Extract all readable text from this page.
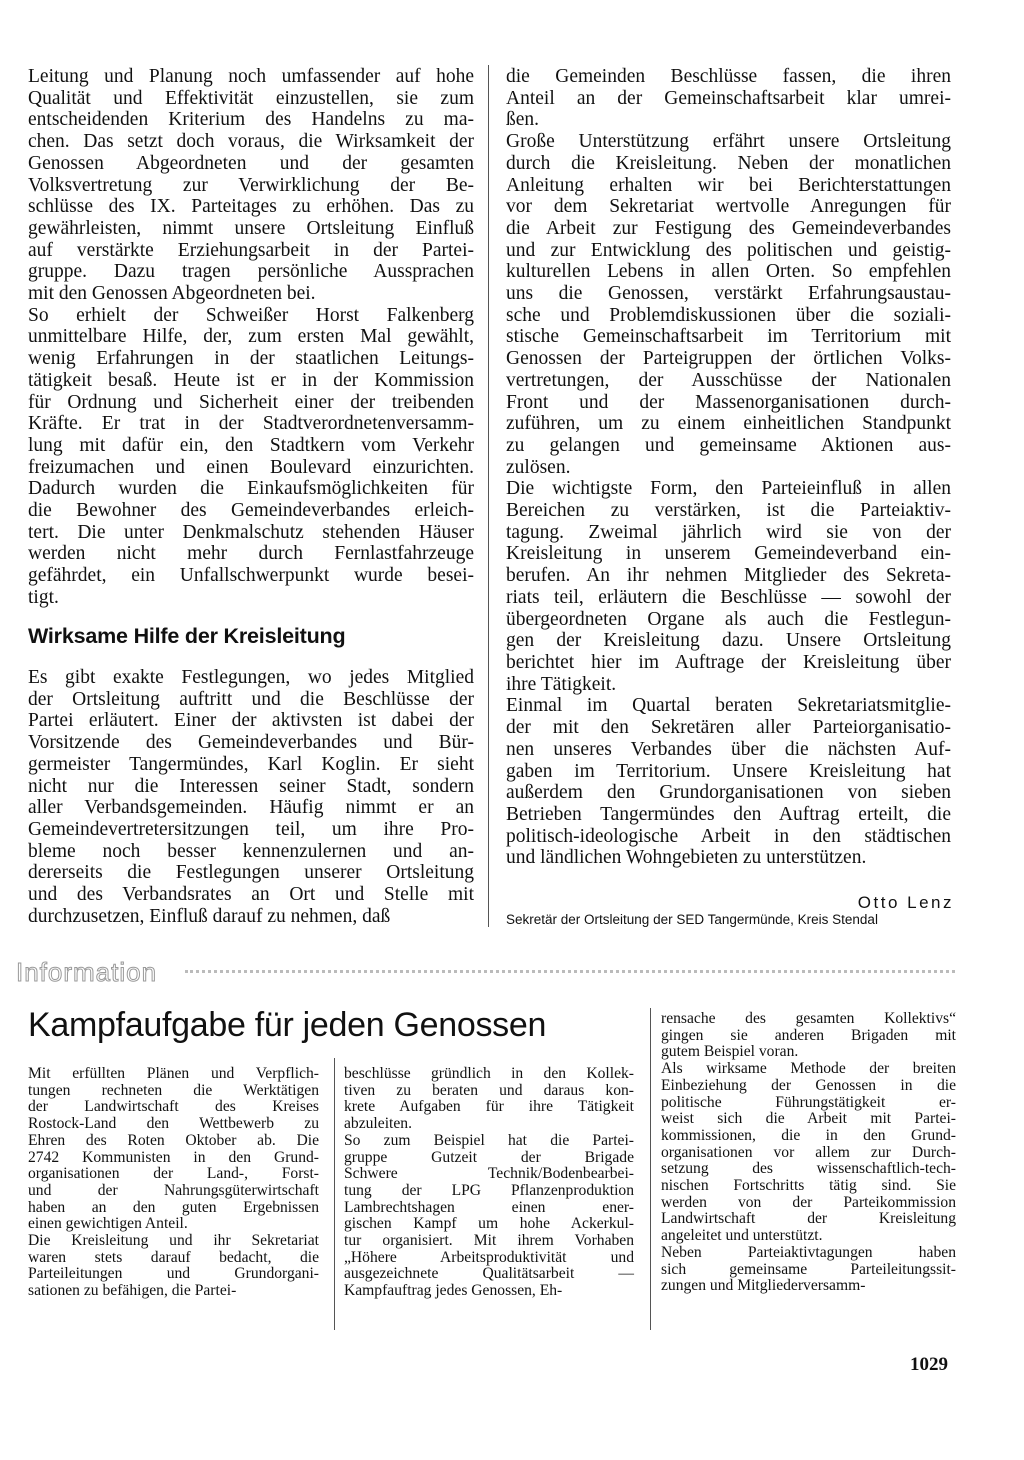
Leitung und Planung noch umfassender auf hohe
Qualität und Effektivität einzustellen, sie zum
entscheidenden Kriterium des Handelns zu ma-
chen. Das setzt doch voraus, die Wirksamkeit der
Genossen Abgeordneten und der gesamten
Volksvertretung zur Verwirklichung der Be-
schlüsse des IX. Parteitages zu erhöhen. Das zu
gewährleisten, nimmt unsere Ortsleitung Einfluß
auf verstärkte Erziehungsarbeit in der Partei-
gruppe. Dazu tragen persönliche Aussprachen
mit den Genossen Abgeordneten bei.
So erhielt der Schweißer Horst Falkenberg
unmittelbare Hilfe, der, zum ersten Mal gewählt,
wenig Erfahrungen in der staatlichen Leitungs-
tätigkeit besaß. Heute ist er in der Kommission
für Ordnung und Sicherheit einer der treibenden
Kräfte. Er trat in der Stadtverordnetenversamm-
lung mit dafür ein, den Stadtkern vom Verkehr
freizumachen und einen Boulevard einzurichten.
Dadurch wurden die Einkaufsmöglichkeiten für
die Bewohner des Gemeindeverbandes erleich-
tert. Die unter Denkmalschutz stehenden Häuser
werden nicht mehr durch Fernlastfahrzeuge
gefährdet, ein Unfallschwerpunkt wurde besei-
tigt.
Wirksame Hilfe der Kreisleitung
Es gibt exakte Festlegungen, wo jedes Mitglied
der Ortsleitung auftritt und die Beschlüsse der
Partei erläutert. Einer der aktivsten ist dabei der
Vorsitzende des Gemeindeverbandes und Bür-
germeister Tangermündes, Karl Koglin. Er sieht
nicht nur die Interessen seiner Stadt, sondern
aller Verbandsgemeinden. Häufig nimmt er an
Gemeindevertretersitzungen teil, um ihre Pro-
bleme noch besser kennenzulernen und an-
dererseits die Festlegungen unserer Ortsleitung
und des Verbandsrates an Ort und Stelle mit
durchzusetzen, Einfluß darauf zu nehmen, daß
die Gemeinden Beschlüsse fassen, die ihren
Anteil an der Gemeinschaftsarbeit klar umrei-
ßen.
Große Unterstützung erfährt unsere Ortsleitung
durch die Kreisleitung. Neben der monatlichen
Anleitung erhalten wir bei Berichterstattungen
vor dem Sekretariat wertvolle Anregungen für
die Arbeit zur Festigung des Gemeindeverbandes
und zur Entwicklung des politischen und geistig-
kulturellen Lebens in allen Orten. So empfehlen
uns die Genossen, verstärkt Erfahrungsaustau-
sche und Problemdiskussionen über die soziali-
stische Gemeinschaftsarbeit im Territorium mit
Genossen der Parteigruppen der örtlichen Volks-
vertretungen, der Ausschüsse der Nationalen
Front und der Massenorganisationen durch-
zuführen, um zu einem einheitlichen Standpunkt
zu gelangen und gemeinsame Aktionen aus-
zulösen.
Die wichtigste Form, den Parteieinfluß in allen
Bereichen zu verstärken, ist die Parteiaktiv-
tagung. Zweimal jährlich wird sie von der
Kreisleitung in unserem Gemeindeverband ein-
berufen. An ihr nehmen Mitglieder des Sekreta-
riats teil, erläutern die Beschlüsse — sowohl der
übergeordneten Organe als auch die Festlegun-
gen der Kreisleitung dazu. Unsere Ortsleitung
berichtet hier im Auftrage der Kreisleitung über
ihre Tätigkeit.
Einmal im Quartal beraten Sekretariatsmitglie-
der mit den Sekretären aller Parteiorganisatio-
nen unseres Verbandes über die nächsten Auf-
gaben im Territorium. Unsere Kreisleitung hat
außerdem den Grundorganisationen von sieben
Betrieben Tangermündes den Auftrag erteilt, die
politisch-ideologische Arbeit in den städtischen
und ländlichen Wohngebieten zu unterstützen.
Otto Lenz
Sekretär der Ortsleitung der SED Tangermünde, Kreis Stendal
Information
Kampfaufgabe für jeden Genossen
Mit erfüllten Plänen und Verpflich-
tungen rechneten die Werktätigen
der Landwirtschaft des Kreises
Rostock-Land den Wettbewerb zu
Ehren des Roten Oktober ab. Die
2742 Kommunisten in den Grund-
organisationen der Land-, Forst-
und der Nahrungsgüterwirtschaft
haben an den guten Ergebnissen
einen gewichtigen Anteil.
Die Kreisleitung und ihr Sekretariat
waren stets darauf bedacht, die
Parteileitungen und Grundorgani-
sationen zu befähigen, die Partei-
beschlüsse gründlich in den Kollek-
tiven zu beraten und daraus kon-
krete Aufgaben für ihre Tätigkeit
abzuleiten.
So zum Beispiel hat die Partei-
gruppe Gutzeit der Brigade
Schwere Technik/Bodenbearbei-
tung der LPG Pflanzenproduktion
Lambrechtshagen einen ener-
gischen Kampf um hohe Ackerkul-
tur organisiert. Mit ihrem Vorhaben
„Höhere Arbeitsproduktivität und
ausgezeichnete Qualitätsarbeit —
Kampfauftrag jedes Genossen, Eh-
rensache des gesamten Kollektivs“
gingen sie anderen Brigaden mit
gutem Beispiel voran.
Als wirksame Methode der breiten
Einbeziehung der Genossen in die
politische Führungstätigkeit er-
weist sich die Arbeit mit Partei-
kommissionen, die in den Grund-
organisationen vor allem zur Durch-
setzung des wissenschaftlich-tech-
nischen Fortschritts tätig sind. Sie
werden von der Parteikommission
Landwirtschaft der Kreisleitung
angeleitet und unterstützt.
Neben Parteiaktivtagungen haben
sich gemeinsame Parteileitungssit-
zungen und Mitgliederversamm-
1029
